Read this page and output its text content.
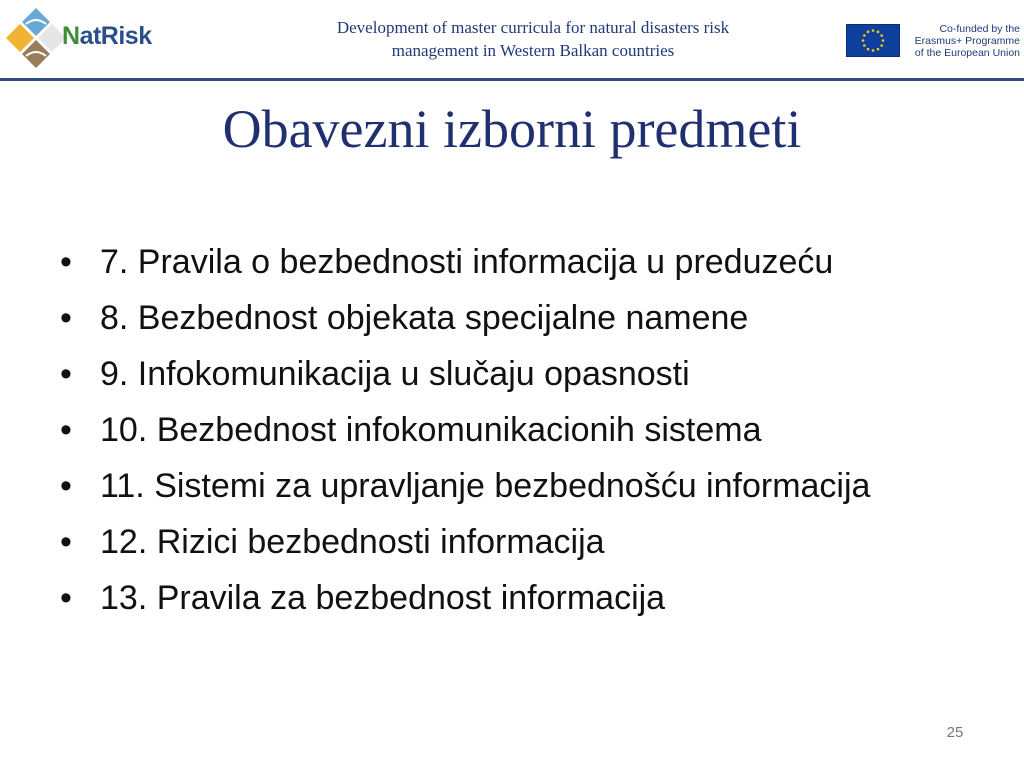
NatRisk	Development of master curricula for natural disasters risk
management in Western Balkan countries
Co-funded by the
Erasmus+ Programme
of the European Union
Obavezni izborni predmeti
• 7. Pravila o bezbednosti informacija u preduzeću
• 8. Bezbednost objekata specijalne namene
• 9. Infokomunikacija u slučaju opasnosti
• 10. Bezbednost infokomunikacionih sistema
• 11. Sistemi za upravljanje bezbednošću informacija
• 12. Rizici bezbednosti informacija
• 13. Pravila za bezbednost informacija
25
